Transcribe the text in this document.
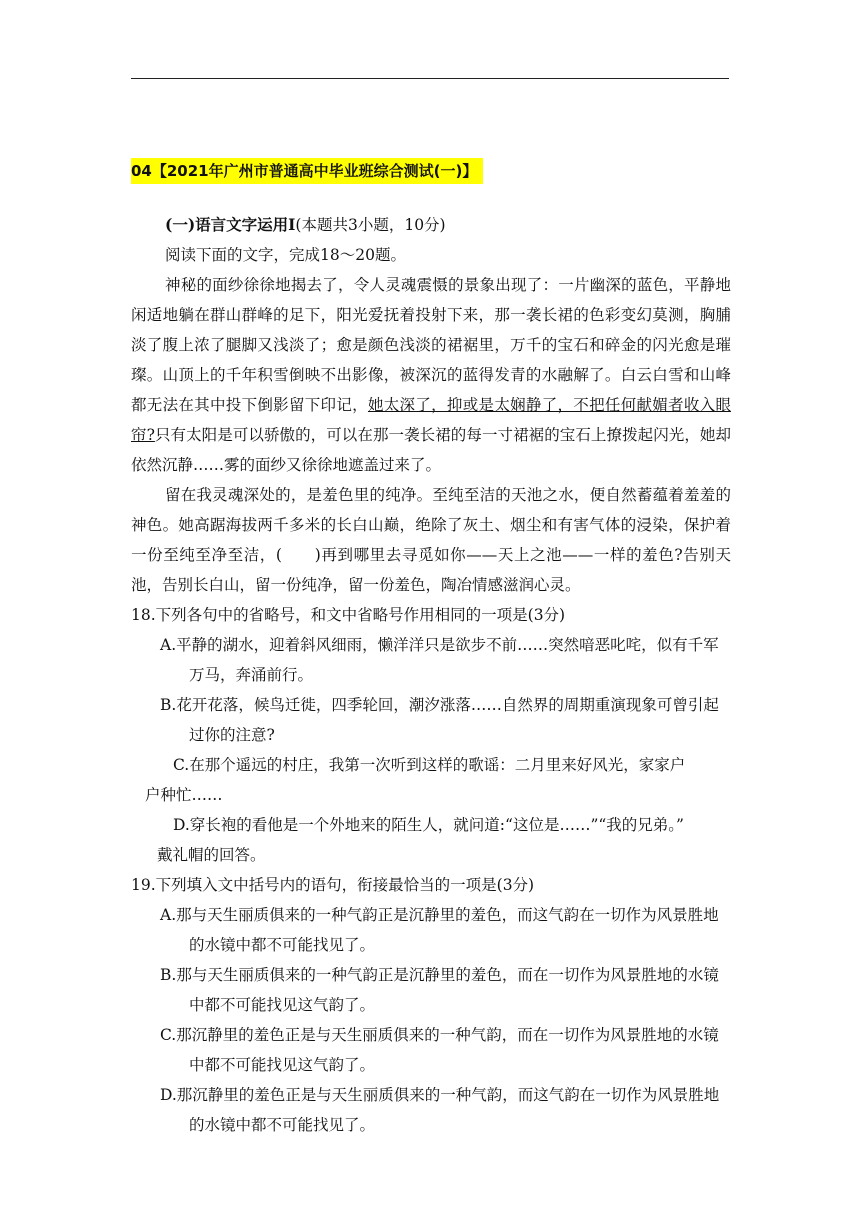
04【2021年广州市普通高中毕业班综合测试(一)】
(一)语言文字运用Ⅰ(本题共3小题，10分)
阅读下面的文字，完成18～20题。
神秘的面纱徐徐地揭去了，令人灵魂震慑的景象出现了：一片幽深的蓝色，平静地闲适地躺在群山群峰的足下，阳光爱抚着投射下来，那一袭长裙的色彩变幻莫测，胸脯淡了腹上浓了腿脚又浅淡了；愈是颜色浅淡的裙裾里，万千的宝石和碎金的闪光愈是璀璨。山顶上的千年积雪倒映不出影像，被深沉的蓝得发青的水融解了。白云白雪和山峰都无法在其中投下倒影留下印记，她太深了，抑或是太娴静了，不把任何献媚者收入眼帘?只有太阳是可以骄傲的，可以在那一袭长裙的每一寸裙裾的宝石上撩拨起闪光，她却依然沉静……雾的面纱又徐徐地遮盖过来了。
留在我灵魂深处的，是羞色里的纯净。至纯至洁的天池之水，便自然蓄蕴着羞羞的神色。她高踞海拔两千多米的长白山巅，绝除了灰土、烟尘和有害气体的浸染，保护着一份至纯至净至洁，(　　)再到哪里去寻觅如你——天上之池——一样的羞色?告别天池，告别长白山，留一份纯净，留一份羞色，陶冶情感滋润心灵。
18.下列各句中的省略号，和文中省略号作用相同的一项是(3分)
A.平静的湖水，迎着斜风细雨，懒洋洋只是欲步不前……突然喑恶叱咤，似有千军万马，奔涌前行。
B.花开花落，候鸟迁徙，四季轮回，潮汐涨落……自然界的周期重演现象可曾引起过你的注意?
C.在那个遥远的村庄，我第一次听到这样的歌谣：二月里来好风光，家家户
户种忙……
D.穿长袍的看他是一个外地来的陌生人，就问道:“这位是……”“我的兄弟。”
戴礼帽的回答。
19.下列填入文中括号内的语句，衔接最恰当的一项是(3分)
A.那与天生丽质俱来的一种气韵正是沉静里的羞色，而这气韵在一切作为风景胜地的水镜中都不可能找见了。
B.那与天生丽质俱来的一种气韵正是沉静里的羞色，而在一切作为风景胜地的水镜中都不可能找见这气韵了。
C.那沉静里的羞色正是与天生丽质俱来的一种气韵，而在一切作为风景胜地的水镜中都不可能找见这气韵了。
D.那沉静里的羞色正是与天生丽质俱来的一种气韵，而这气韵在一切作为风景胜地的水镜中都不可能找见了。
